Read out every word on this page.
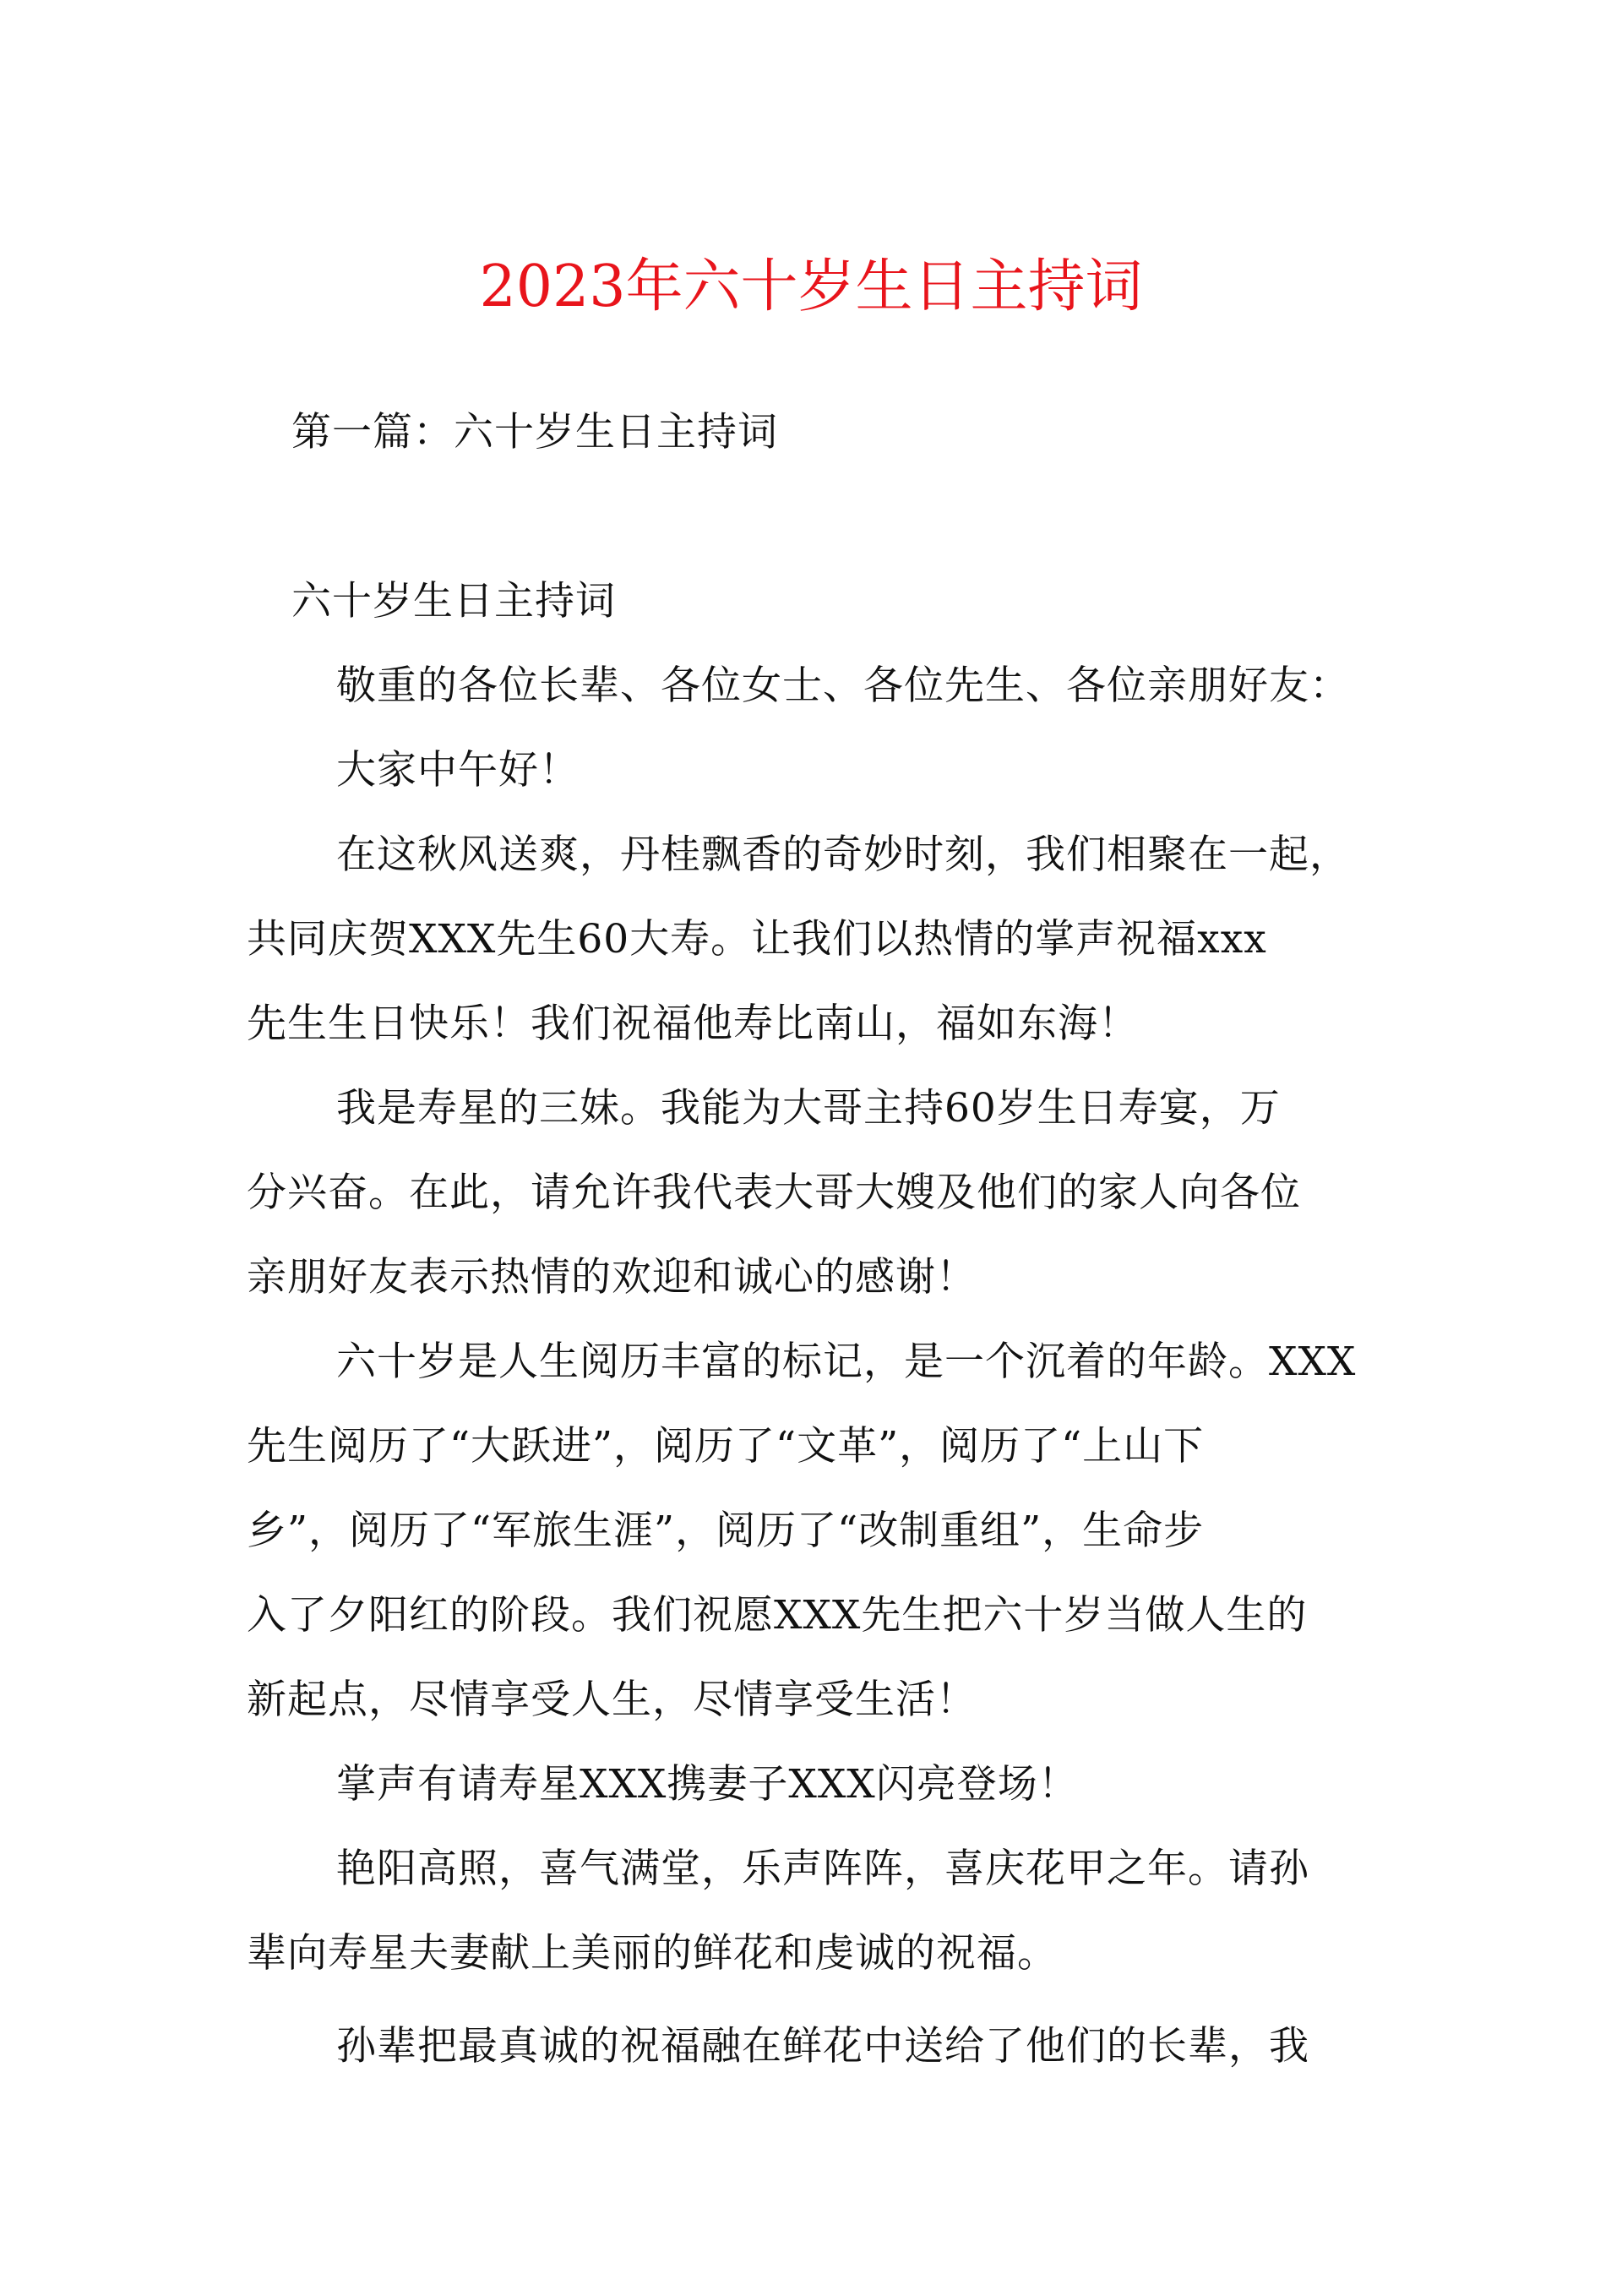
2023年六十岁生日主持词
第一篇：六十岁生日主持词
六十岁生日主持词
敬重的各位长辈、各位女士、各位先生、各位亲朋好友：
大家中午好！
在这秋风送爽，丹桂飘香的奇妙时刻，我们相聚在一起，
共同庆贺XXX先生60大寿。让我们以热情的掌声祝福xxx
先生生日快乐！我们祝福他寿比南山，福如东海！
我是寿星的三妹。我能为大哥主持60岁生日寿宴，万
分兴奋。在此，请允许我代表大哥大嫂及他们的家人向各位
亲朋好友表示热情的欢迎和诚心的感谢！
六十岁是人生阅历丰富的标记，是一个沉着的年龄。XXX
先生阅历了“大跃进”，阅历了“文革”，阅历了“上山下
乡”，阅历了“军旅生涯”，阅历了“改制重组”，生命步
入了夕阳红的阶段。我们祝愿XXX先生把六十岁当做人生的
新起点，尽情享受人生，尽情享受生活！
掌声有请寿星XXX携妻子XXX闪亮登场！
艳阳高照，喜气满堂，乐声阵阵，喜庆花甲之年。请孙
辈向寿星夫妻献上美丽的鲜花和虔诚的祝福。
孙辈把最真诚的祝福融在鲜花中送给了他们的长辈，我
